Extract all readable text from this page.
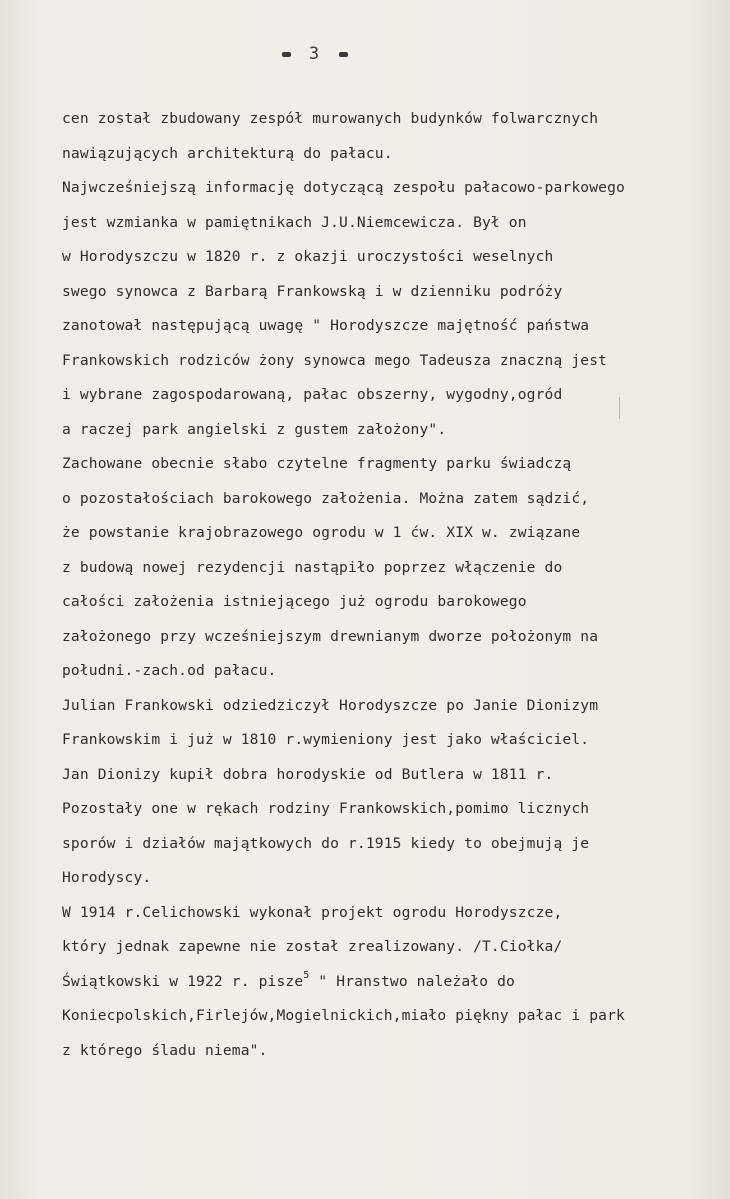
3
cen został zbudowany zespół murowanych budynków folwarcznych
nawiązujących architekturą do pałacu.
Najwcześniejszą informację dotyczącą zespołu pałacowo-parkowego
jest wzmianka w pamiętnikach J.U.Niemcewicza. Był on
w Horodyszczu w 1820 r. z okazji uroczystości weselnych
swego synowca z Barbarą Frankowską i w dzienniku podróży
zanotował następującą uwagę " Horodyszcze majętność państwa
Frankowskich rodziców żony synowca mego Tadeusza znaczną jest
i wybrane zagospodarowaną, pałac obszerny, wygodny,ogród
a raczej park angielski z gustem założony".
Zachowane obecnie słabo czytelne fragmenty parku świadczą
o pozostałościach barokowego założenia. Można zatem sądzić,
że powstanie krajobrazowego ogrodu w 1 ćw. XIX w. związane
z budową nowej rezydencji nastąpiło poprzez włączenie do
całości założenia istniejącego już ogrodu barokowego
założonego przy wcześniejszym drewnianym dworze położonym na
południ.-zach.od pałacu.
Julian Frankowski odziedziczył Horodyszcze po Janie Dionizym
Frankowskim i już w 1810 r.wymieniony jest jako właściciel.
Jan Dionizy kupił dobra horodyskie od Butlera w 1811 r.
Pozostały one w rękach rodziny Frankowskich,pomimo licznych
sporów i działów majątkowych do r.1915 kiedy to obejmują je
Horodyscy.
W 1914 r.Celichowski wykonał projekt ogrodu Horodyszcze,
który jednak zapewne nie został zrealizowany. /T.Ciołka/
Świątkowski w 1922 r. pisze$^5$ " Hranstwo należało do
Koniecpolskich,Firlejów,Mogielnickich,miało piękny pałac i park
z którego śladu niema".
